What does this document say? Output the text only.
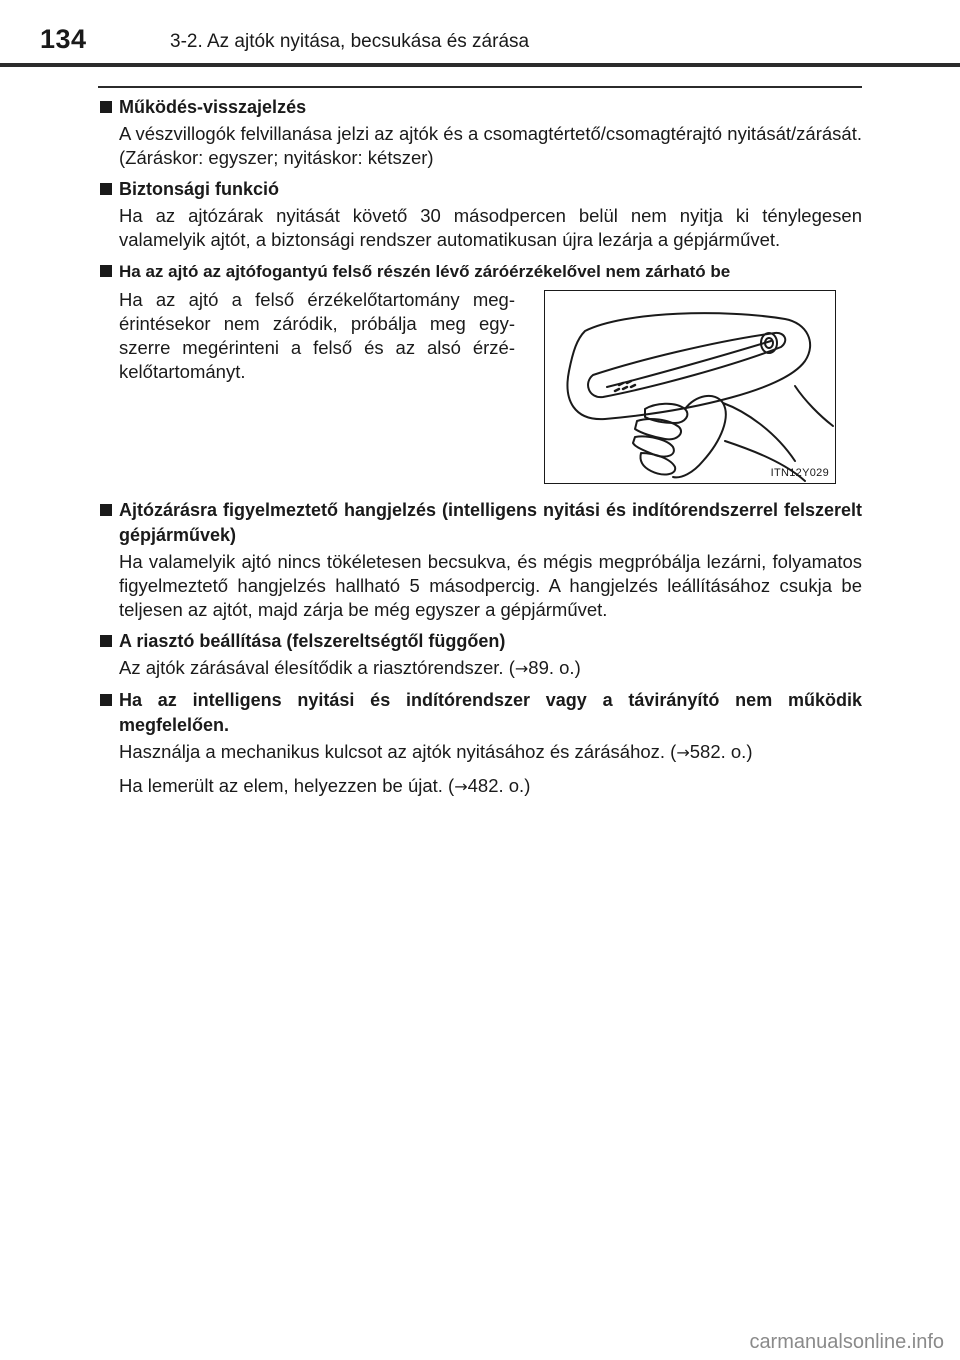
134	3-2. Az ajtók nyitása, becsukása és zárása
Működés-visszajelzés

A vészvillogók felvillanása jelzi az ajtók és a csomagtértető/csomagtérajtó nyitását/zárását. (Záráskor: egyszer; nyitáskor: kétszer)

Biztonsági funkció

Ha az ajtózárak nyitását követő 30 másodpercen belül nem nyitja ki ténylegesen valamelyik ajtót, a biztonsági rendszer automatikusan újra lezárja a gépjárművet.

Ha az ajtó az ajtófogantyú felső részén lévő záróérzékelővel nem zárható be

Ha az ajtó a felső érzékelőtartomány megérintésekor nem záródik, próbálja meg egyszerre megérinteni a felső és az alsó érzékelőtartományt.

ITN12Y029
Ajtózárásra figyelmeztető hangjelzés (intelligens nyitási és indítórendszerrel felszerelt gépjárművek)

Ha valamelyik ajtó nincs tökéletesen becsukva, és mégis megpróbálja lezárni, folyamatos figyelmeztető hangjelzés hallható 5 másodpercig. A hangjelzés leállításához csukja be teljesen az ajtót, majd zárja be még egyszer a gépjárművet.

A riasztó beállítása (felszereltségtől függően)

Az ajtók zárásával élesítődik a riasztórendszer. (→89. o.)

Ha az intelligens nyitási és indítórendszer vagy a távirányító nem működik megfelelően.

Használja a mechanikus kulcsot az ajtók nyitásához és zárásához. (→582. o.)

Ha lemerült az elem, helyezzen be újat. (→482. o.)

carmanualsonline.info
